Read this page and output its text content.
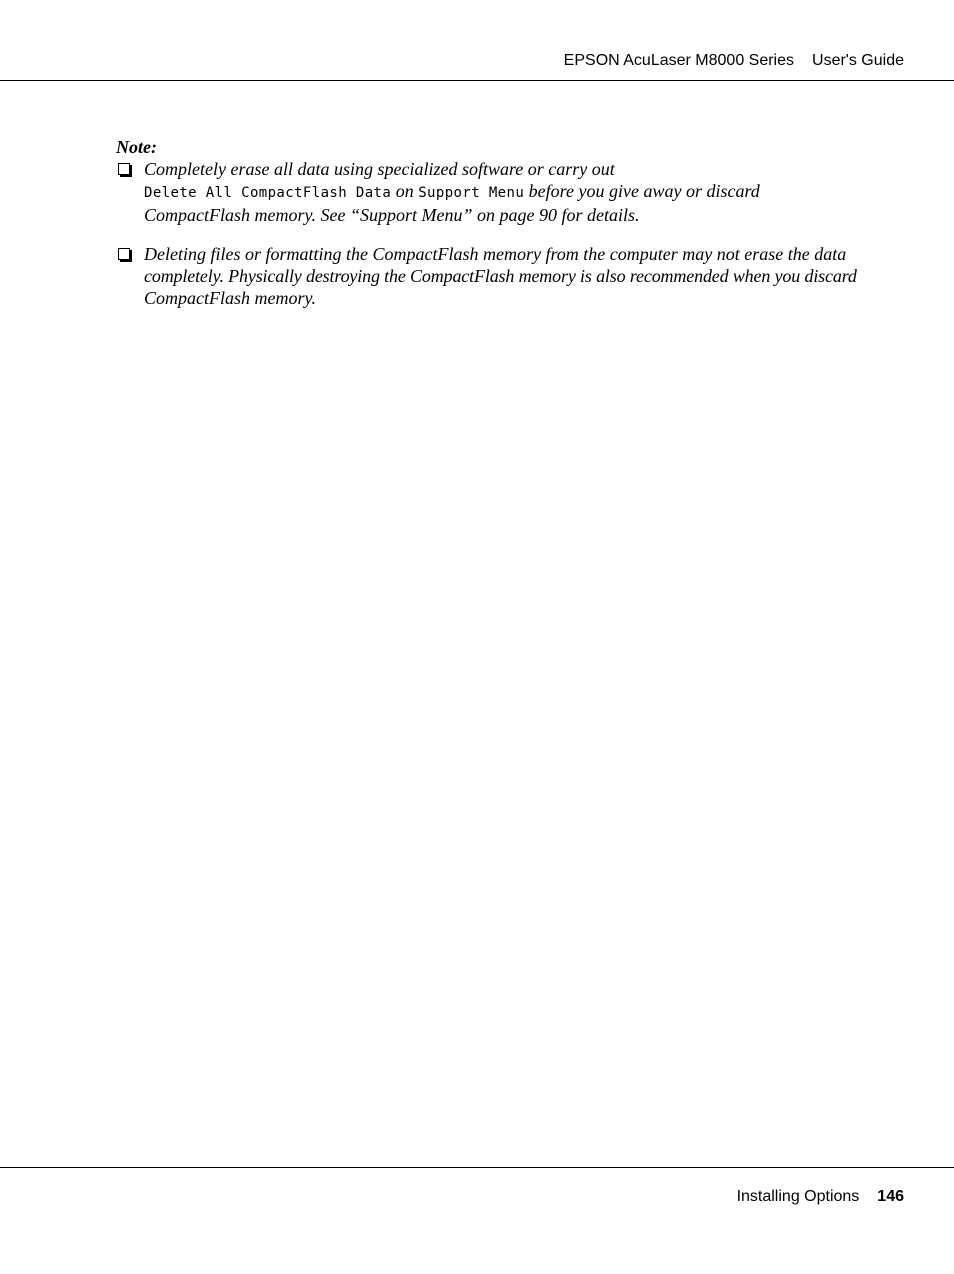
EPSON AcuLaser M8000 Series User's Guide

Note:

Completely erase all data using specialized software or carry out
Delete All CompactFlash Data on Support Menu before you give away or discard
CompactFlash memory. See “Support Menu” on page 90 for details.
Deleting files or formatting the CompactFlash memory from the computer may not erase the data
completely. Physically destroying the CompactFlash memory is also recommended when you discard
CompactFlash memory.
Installing Options 146
